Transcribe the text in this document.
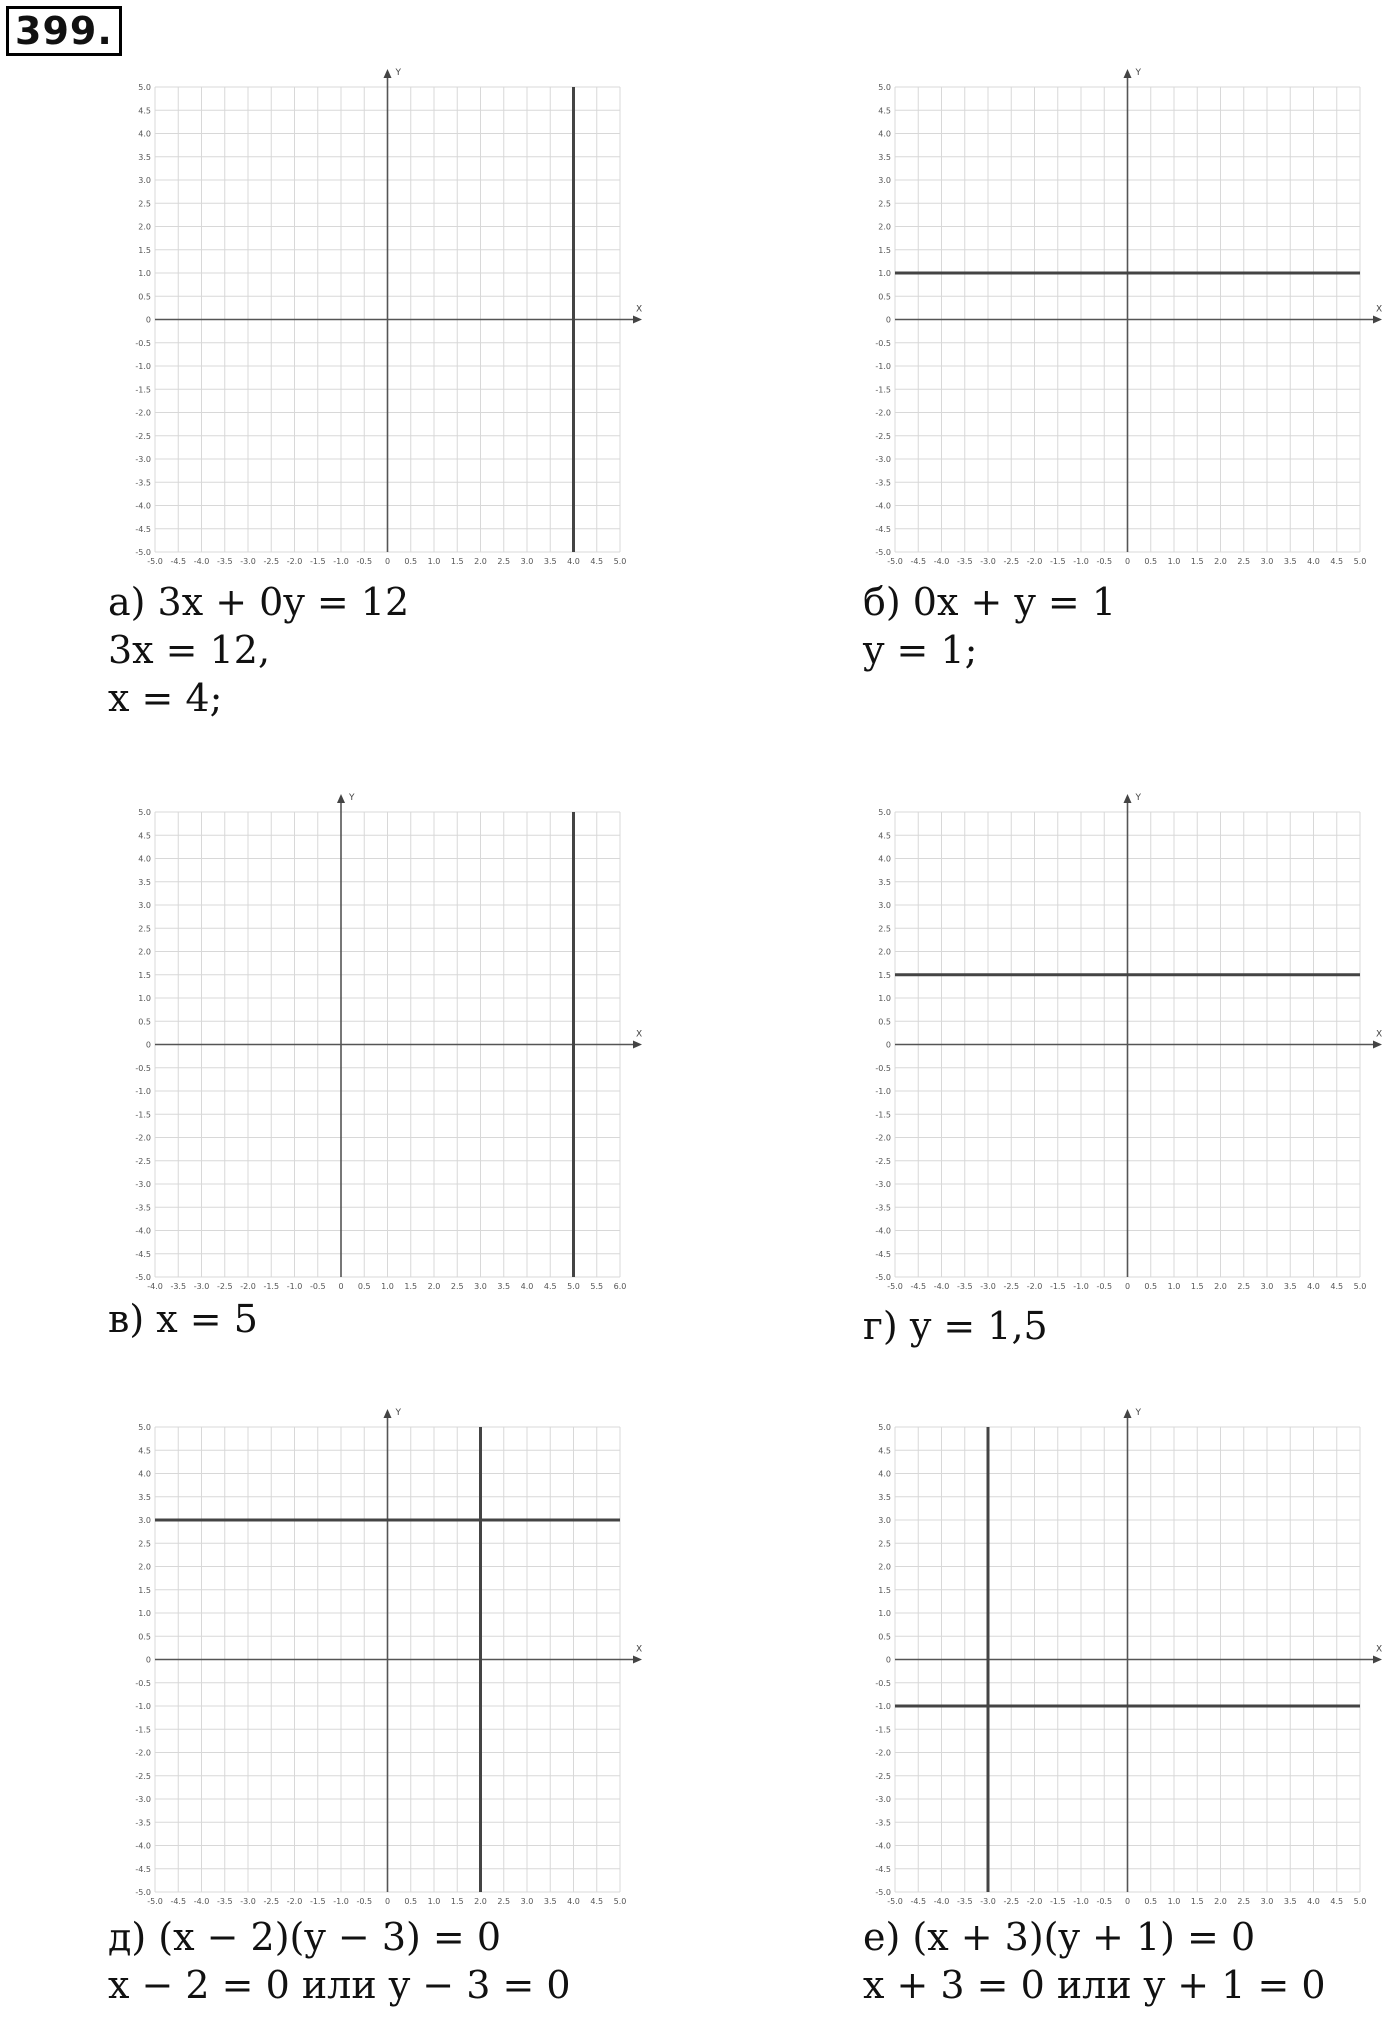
399.
X
Y
-5.0 -4.5 -4.0 -3.5 -3.0 -2.5 -2.0 -1.5 -1.0 -0.5 0 0.5 1.0 1.5 2.0 2.5 3.0 3.5 4.0 4.5 5.0
5.0
4.5
4.0
3.5
3.0
2.5
2.0
1.5
1.0
0.5
0
-0.5
-1.0
-1.5
-2.0
-2.5
-3.0
-3.5
-4.0
-4.5
-5.0
X
Y
-5.0 -4.5 -4.0 -3.5 -3.0 -2.5 -2.0 -1.5 -1.0 -0.5 0 0.5 1.0 1.5 2.0 2.5 3.0 3.5 4.0 4.5 5.0
5.0
4.5
4.0
3.5
3.0
2.5
2.0
1.5
1.0
0.5
0
-0.5
-1.0
-1.5
-2.0
-2.5
-3.0
-3.5
-4.0
-4.5
-5.0
X
Y
-4.0 -3.5 -3.0 -2.5 -2.0 -1.5 -1.0 -0.5 0 0.5 1.0 1.5 2.0 2.5 3.0 3.5 4.0 4.5 5.0 5.5 6.0
5.0
4.5
4.0
3.5
3.0
2.5
2.0
1.5
1.0
0.5
0
-0.5
-1.0
-1.5
-2.0
-2.5
-3.0
-3.5
-4.0
-4.5
-5.0
X
Y
-5.0 -4.5 -4.0 -3.5 -3.0 -2.5 -2.0 -1.5 -1.0 -0.5 0 0.5 1.0 1.5 2.0 2.5 3.0 3.5 4.0 4.5 5.0
5.0
4.5
4.0
3.5
3.0
2.5
2.0
1.5
1.0
0.5
0
-0.5
-1.0
-1.5
-2.0
-2.5
-3.0
-3.5
-4.0
-4.5
-5.0
X
Y
-5.0 -4.5 -4.0 -3.5 -3.0 -2.5 -2.0 -1.5 -1.0 -0.5 0 0.5 1.0 1.5 2.0 2.5 3.0 3.5 4.0 4.5 5.0
5.0
4.5
4.0
3.5
3.0
2.5
2.0
1.5
1.0
0.5
0
-0.5
-1.0
-1.5
-2.0
-2.5
-3.0
-3.5
-4.0
-4.5
-5.0
X
Y
-5.0 -4.5 -4.0 -3.5 -3.0 -2.5 -2.0 -1.5 -1.0 -0.5 0 0.5 1.0 1.5 2.0 2.5 3.0 3.5 4.0 4.5 5.0
5.0
4.5
4.0
3.5
3.0
2.5
2.0
1.5
1.0
0.5
0
-0.5
-1.0
-1.5
-2.0
-2.5
-3.0
-3.5
-4.0
-4.5
-5.0
а) 3x + 0y = 12
3x = 12,
x = 4;
б) 0x + y = 1
y = 1;
в) x = 5	г) y = 1,5
д) (x − 2)(y − 3) = 0
x − 2 = 0 или y − 3 = 0
е) (x + 3)(y + 1) = 0
x + 3 = 0 или y + 1 = 0
